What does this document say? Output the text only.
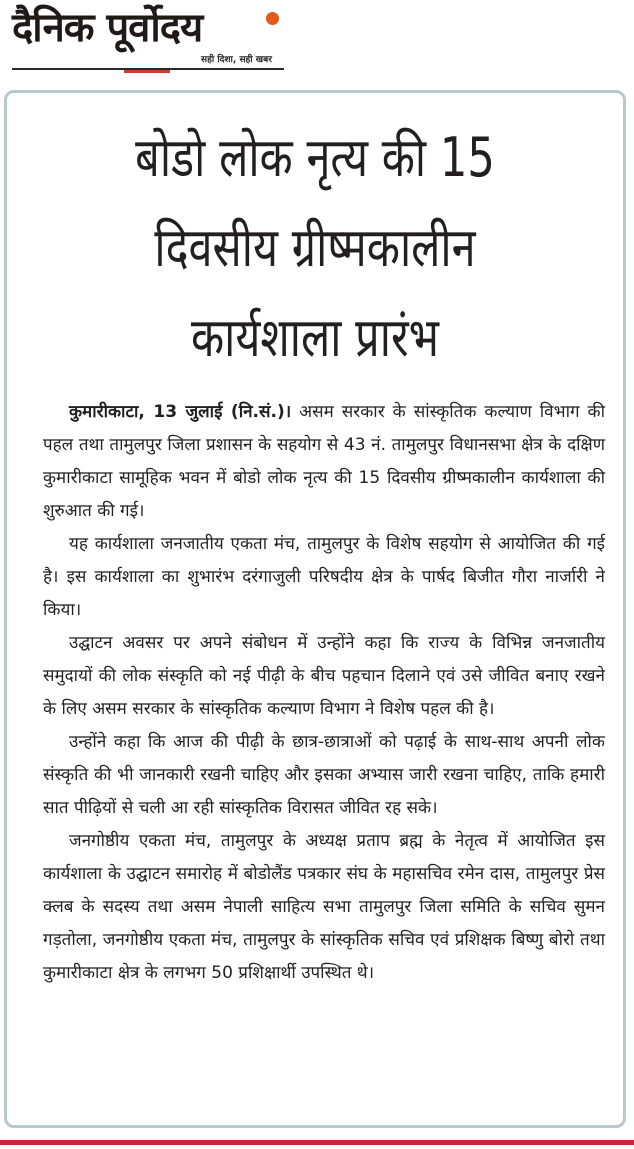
दैनिक पूर्वोदय
सही दिशा, सही खबर
बोडो लोक नृत्य की 15
दिवसीय ग्रीष्मकालीन
कार्यशाला प्रारंभ

कुमारीकाटा, 13 जुलाई (नि.सं.)। असम सरकार के सांस्कृतिक कल्याण विभाग की पहल तथा तामुलपुर जिला प्रशासन के सहयोग से 43 नं. तामुलपुर विधानसभा क्षेत्र के दक्षिण कुमारीकाटा सामूहिक भवन में बोडो लोक नृत्य की 15 दिवसीय ग्रीष्मकालीन कार्यशाला की शुरुआत की गई।

यह कार्यशाला जनजातीय एकता मंच, तामुलपुर के विशेष सहयोग से आयोजित की गई है। इस कार्यशाला का शुभारंभ दरंगाजुली परिषदीय क्षेत्र के पार्षद बिजीत गौरा नार्जारी ने किया।

उद्घाटन अवसर पर अपने संबोधन में उन्होंने कहा कि राज्य के विभिन्न जनजातीय समुदायों की लोक संस्कृति को नई पीढ़ी के बीच पहचान दिलाने एवं उसे जीवित बनाए रखने के लिए असम सरकार के सांस्कृतिक कल्याण विभाग ने विशेष पहल की है।

उन्होंने कहा कि आज की पीढ़ी के छात्र-छात्राओं को पढ़ाई के साथ-साथ अपनी लोक संस्कृति की भी जानकारी रखनी चाहिए और इसका अभ्यास जारी रखना चाहिए, ताकि हमारी सात पीढ़ियों से चली आ रही सांस्कृतिक विरासत जीवित रह सके।

जनगोष्ठीय एकता मंच, तामुलपुर के अध्यक्ष प्रताप ब्रह्म के नेतृत्व में आयोजित इस कार्यशाला के उद्घाटन समारोह में बोडोलैंड पत्रकार संघ के महासचिव रमेन दास, तामुलपुर प्रेस क्लब के सदस्य तथा असम नेपाली साहित्य सभा तामुलपुर जिला समिति के सचिव सुमन गड़तोला, जनगोष्ठीय एकता मंच, तामुलपुर के सांस्कृतिक सचिव एवं प्रशिक्षक बिष्णु बोरो तथा कुमारीकाटा क्षेत्र के लगभग 50 प्रशिक्षार्थी उपस्थित थे।
